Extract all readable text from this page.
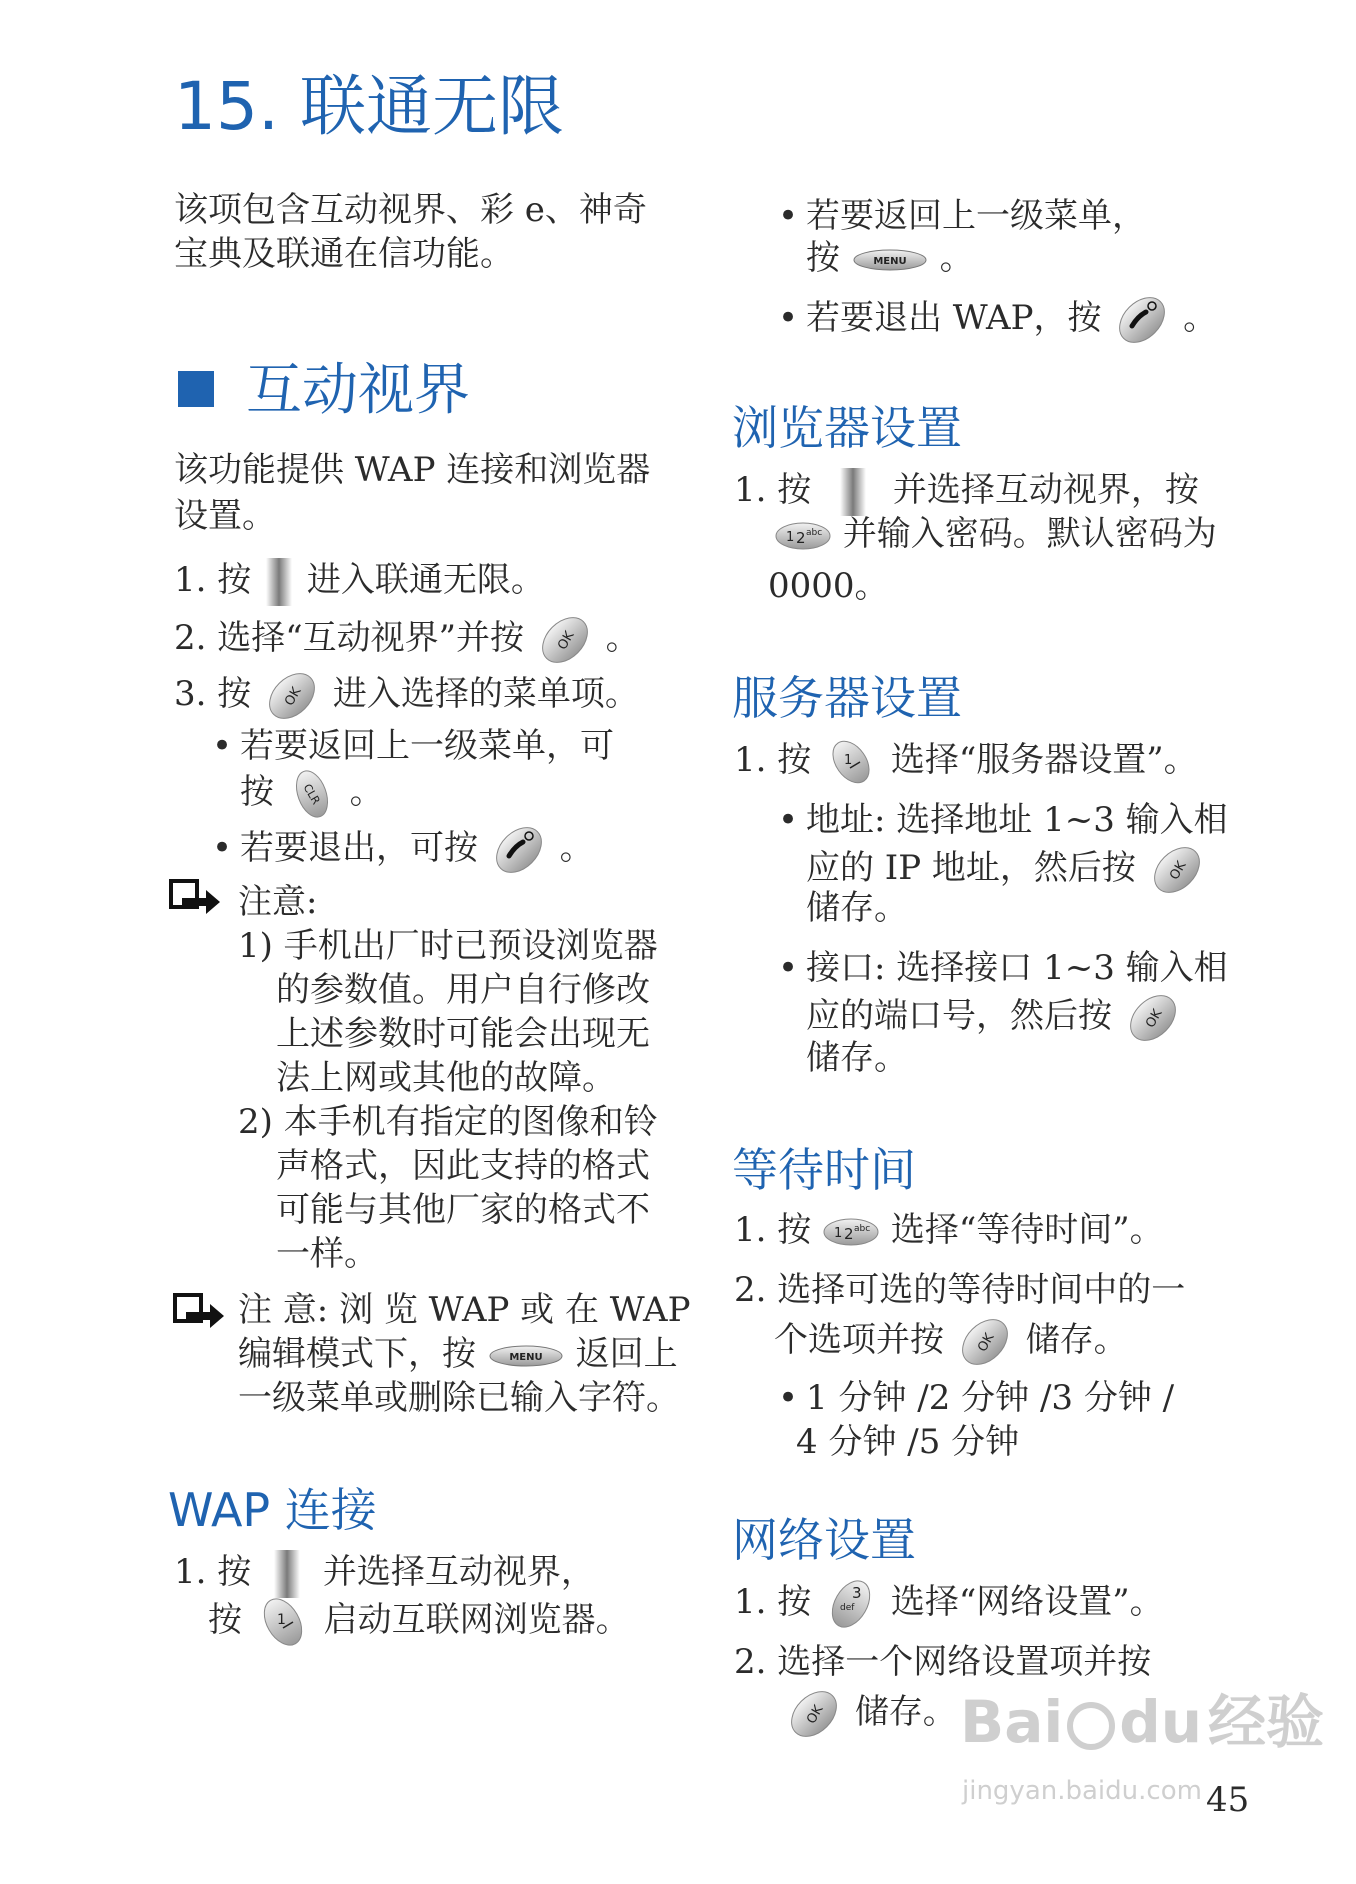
15. 联通无限
该项包含互动视界、彩 e、神奇
宝典及联通在信功能。
互动视界
该功能提供 WAP 连接和浏览器
设置。
1. 按 进入联通无限。
2. 选择“互动视界”并按 OK 。
3. 按 OK 进入选择的菜单项。
• 若要返回上一级菜单，可
按 CLR 。
• 若要退出，可按 。
注意:
1) 手机出厂时已预设浏览器
的参数值。用户自行修改
上述参数时可能会出现无
法上网或其他的故障。
2) 本手机有指定的图像和铃
声格式，因此支持的格式
可能与其他厂家的格式不
一样。
注 意: 浏 览 WAP 或 在 WAP
编辑模式下，按	MENU 返回上
一级菜单或删除已输入字符。
WAP 连接
1. 按 并选择互动视界，
按 1 启动互联网浏览器。
• 若要返回上一级菜单，
按	MENU 。
• 若要退出 WAP，按 。
浏览器设置
1. 按 并选择互动视界，按
1 2 abc 并输入密码。默认密码为
0000。
服务器设置
1. 按	1 选择“服务器设置”。
• 地址: 选择地址 1~3 输入相
应的 IP 地址，然后按 OK
储存。
• 接口: 选择接口 1~3 输入相
应的端口号，然后按 OK
储存。
等待时间
1. 按 1 2 abc 选择“等待时间”。
2. 选择可选的等待时间中的一
个选项并按 OK 储存。
• 1 分钟 /2 分钟 /3 分钟 /
4 分钟 /5 分钟
网络设置
1. 按	3
def 选择“网络设置”。
2. 选择一个网络设置项并按
OK 储存。 Bai du 经验
jingyan.baidu.com 45
